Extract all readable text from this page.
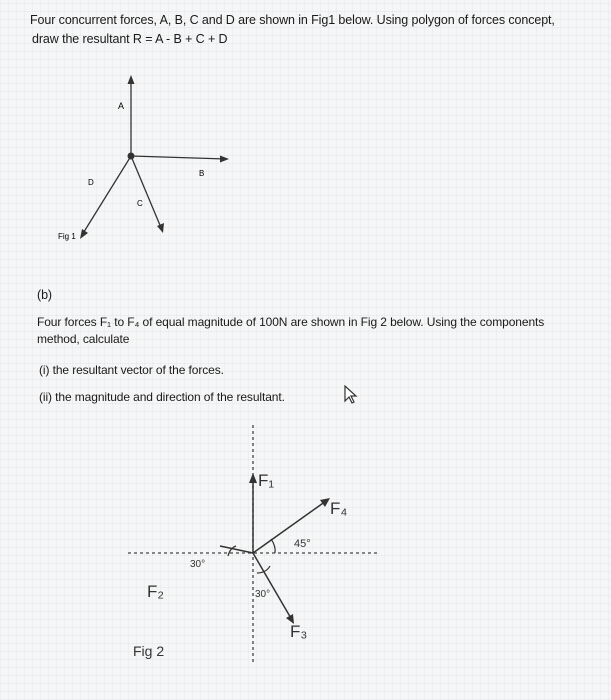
Four concurrent forces, A, B, C and D are shown in Fig1 below. Using polygon of forces concept,
draw the resultant R = A - B + C + D
A
B
C
D
Fig 1
(b)
Four forces F₁ to F₄ of equal magnitude of 100N are shown in Fig 2 below. Using the components
method, calculate
(i) the resultant vector of the forces.
(ii) the magnitude and direction of the resultant.
F₁
F₂
F₃
F₄
45°
30°
30°
Fig 2
